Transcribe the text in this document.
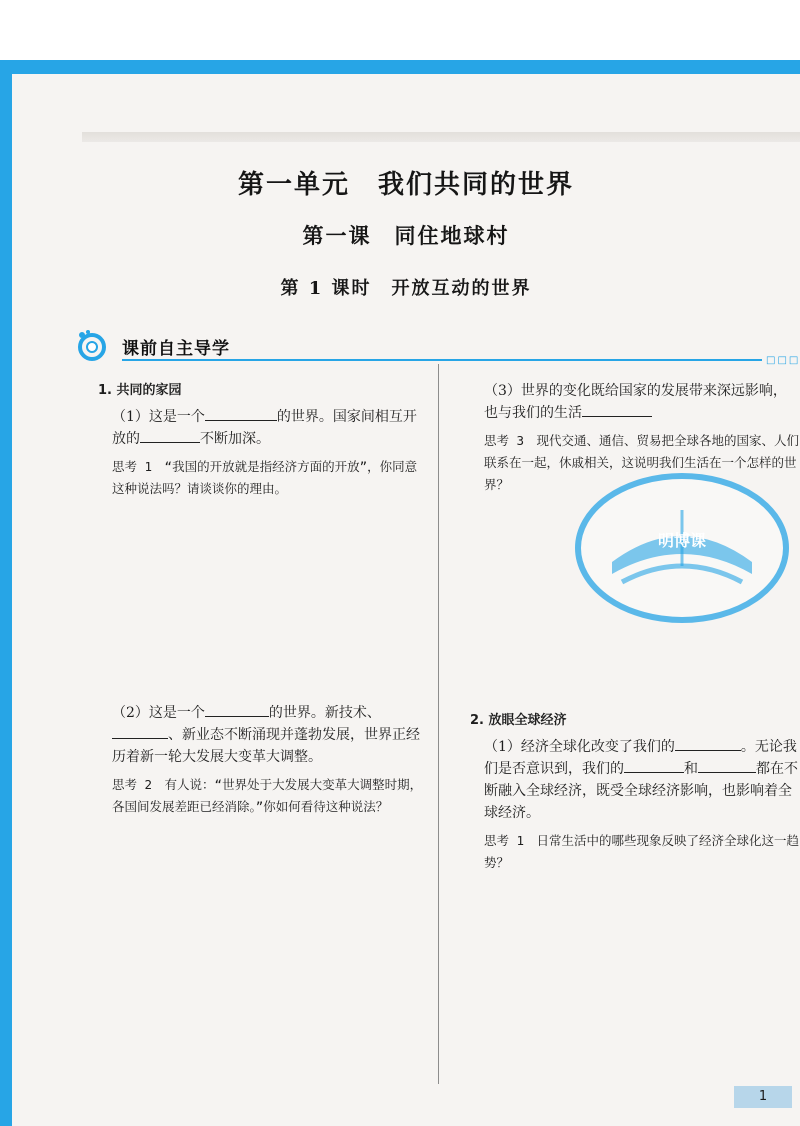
第一单元　我们共同的世界
第一课　同住地球村
第 1 课时　开放互动的世界
课前自主导学
□□□

1. 共同的家园

（1）这是一个	的世界。国家间相互开放的	不断加深。

思考 1　“我国的开放就是指经济方面的开放”，你同意这种说法吗？请谈谈你的理由。

（2）这是一个	的世界。新技术、、新业态不断涌现并蓬勃发展，世界正经历着新一轮大发展大变革大调整。

思考 2　有人说：“世界处于大发展大变革大调整时期，各国间发展差距已经消除。”你如何看待这种说法？

（3）世界的变化既给国家的发展带来深远影响，也与我们的生活

思考 3　现代交通、通信、贸易把全球各地的国家、人们联系在一起，休戚相关，这说明我们生活在一个怎样的世界？

2. 放眼全球经济

（1）经济全球化改变了我们的	。无论我们是否意识到，我们的	和	都在不断融入全球经济，既受全球经济影响，也影响着全球经济。

思考 1　日常生活中的哪些现象反映了经济全球化这一趋势？

明博课
1
